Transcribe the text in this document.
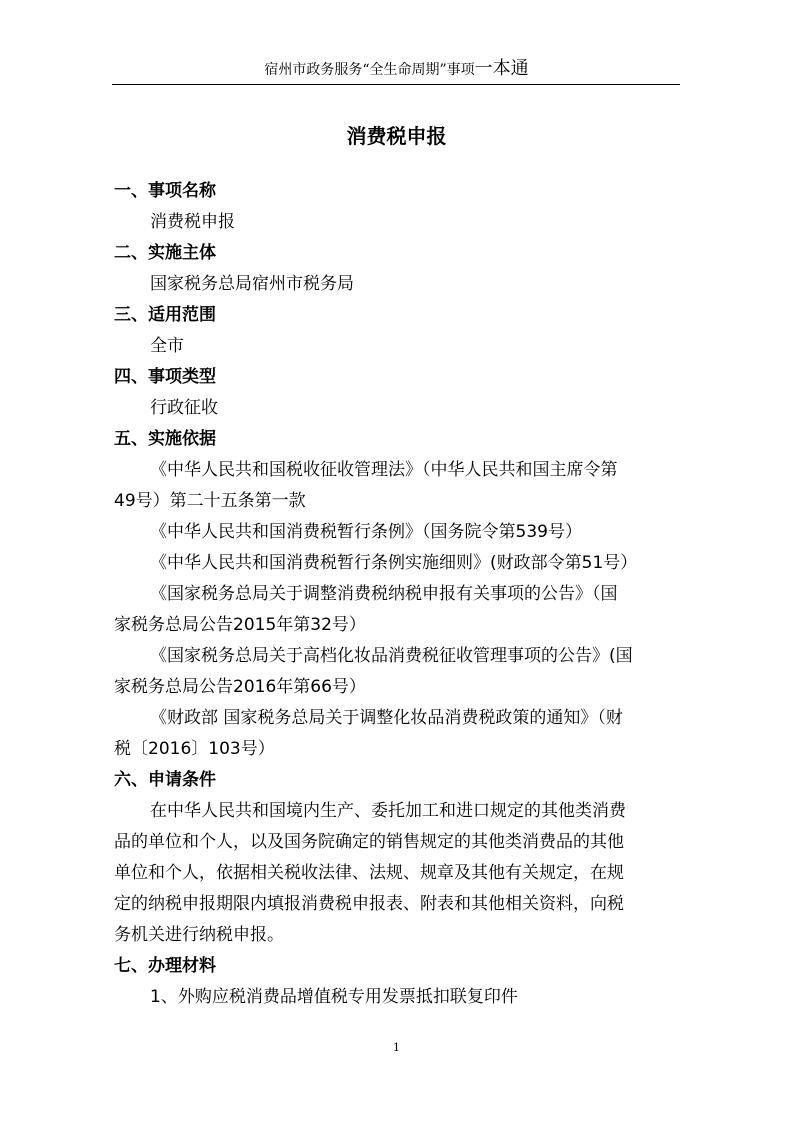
宿州市政务服务“全生命周期”事项一本通
消费税申报
一、事项名称
消费税申报
二、实施主体
国家税务总局宿州市税务局
三、适用范围
全市
四、事项类型
行政征收
五、实施依据
《中华人民共和国税收征收管理法》（中华人民共和国主席令第
49号）第二十五条第一款
《中华人民共和国消费税暂行条例》（国务院令第539号）
《中华人民共和国消费税暂行条例实施细则》(财政部令第51号）
《国家税务总局关于调整消费税纳税申报有关事项的公告》（国
家税务总局公告2015年第32号）
《国家税务总局关于高档化妆品消费税征收管理事项的公告》(国
家税务总局公告2016年第66号）
《财政部 国家税务总局关于调整化妆品消费税政策的通知》（财
税〔2016〕103号）
六、申请条件
在中华人民共和国境内生产、委托加工和进口规定的其他类消费
品的单位和个人，以及国务院确定的销售规定的其他类消费品的其他
单位和个人，依据相关税收法律、法规、规章及其他有关规定，在规
定的纳税申报期限内填报消费税申报表、附表和其他相关资料，向税
务机关进行纳税申报。
七、办理材料
1、外购应税消费品增值税专用发票抵扣联复印件
1
